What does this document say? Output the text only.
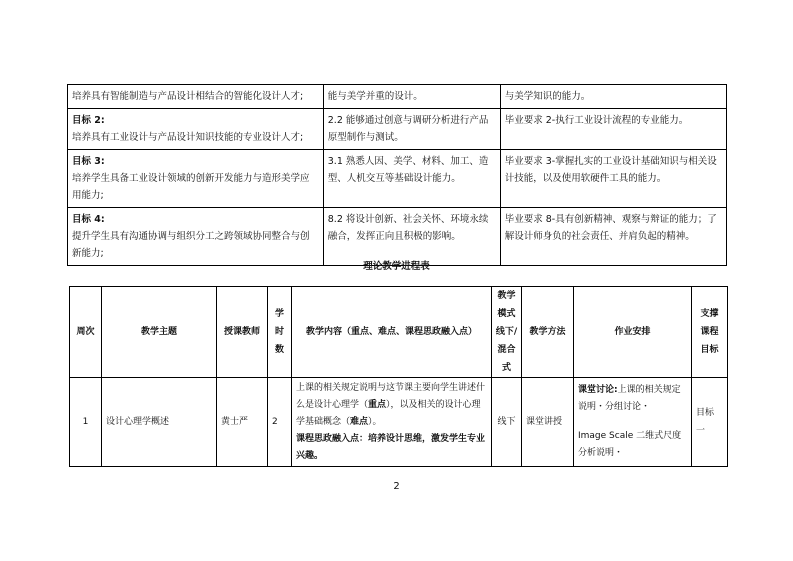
培养具有智能制造与产品设计相结合的智能化设计人才;	能与美学并重的设计。	与美学知识的能力。

目标 2:
培养具有工业设计与产品设计知识技能的专业设计人才;	2.2 能够通过创意与调研分析进行产品原型制作与测试。	毕业要求 2-执行工业设计流程的专业能力。

目标 3:
培养学生具备工业设计领域的创新开发能力与造形美学应用能力;	3.1 熟悉人因、美学、材料、加工、造型、人机交互等基础设计能力。	毕业要求 3-掌握扎实的工业设计基础知识与相关设计技能，以及使用软硬件工具的能力。

目标 4:
提升学生具有沟通协调与组织分工之跨领域协同整合与创新能力;	8.2 将设计创新、社会关怀、环境永续融合，发挥正向且积极的影响。	毕业要求 8-具有创新精神、观察与辩证的能力；了解设计师身负的社会责任、并肩负起的精神。
理论教学进程表
周次	教学主题	授课教师	学时数	教学内容（重点、难点、课程思政融入点）	教学模式线下/混合式	教学方法	作业安排	支撑课程目标
1	设计心理学概述	黄士严	2	上课的相关规定说明与这节课主要向学生讲述什么是设计心理学（重点），以及相关的设计心理学基础概念（难点）。
课程思政融入点：培养设计思维，激发学生专业兴趣。	线下	课堂讲授	课堂讨论:上课的相关规定说明・分组讨论・
Image Scale 二维式尺度分析说明・	目标一
2
